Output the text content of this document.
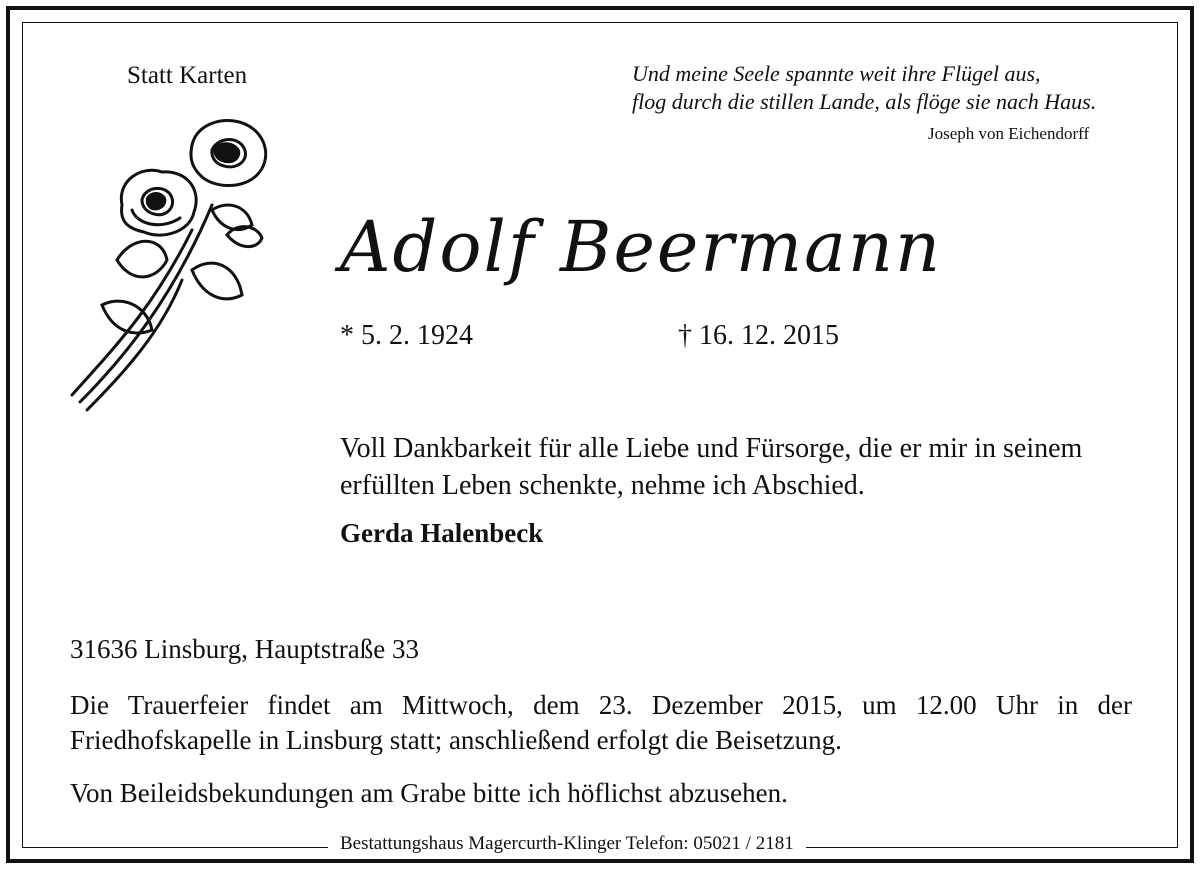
Statt Karten	Und meine Seele spannte weit ihre Flügel aus,
flog durch die stillen Lande, als flöge sie nach Haus.
Joseph von Eichendorff
Adolf Beermann
* 5. 2. 1924	† 16. 12. 2015
Voll Dankbarkeit für alle Liebe und Fürsorge, die er mir in seinem erfüllten Leben schenkte, nehme ich Abschied.
Gerda Halenbeck
31636 Linsburg, Hauptstraße 33
Die Trauerfeier findet am Mittwoch, dem 23. Dezember 2015, um 12.00 Uhr in der Friedhofskapelle in Linsburg statt; anschließend erfolgt die Beisetzung.
Von Beileidsbekundungen am Grabe bitte ich höflichst abzusehen.
Bestattungshaus Magercurth-Klinger Telefon: 05021 / 2181
